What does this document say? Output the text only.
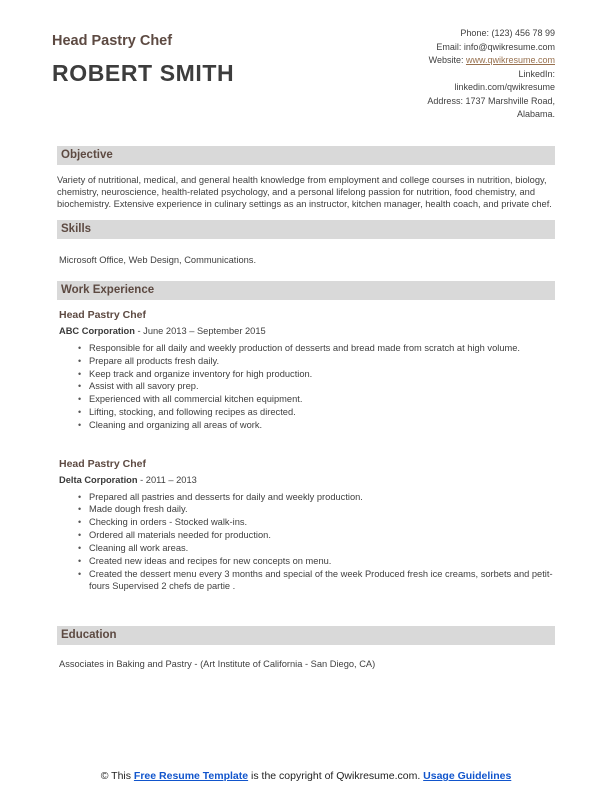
Head Pastry Chef
ROBERT SMITH
Phone: (123) 456 78 99
Email: info@qwikresume.com
Website: www.qwikresume.com
LinkedIn:
linkedin.com/qwikresume
Address: 1737 Marshville Road,
Alabama.
Objective

Variety of nutritional, medical, and general health knowledge from employment and college courses in nutrition, biology, chemistry, neuroscience, health-related psychology, and a personal lifelong passion for nutrition, food chemistry, and biochemistry. Extensive experience in culinary settings as an instructor, kitchen manager, health coach, and private chef.

Skills

Microsoft Office, Web Design, Communications.

Work Experience
Head Pastry Chef
ABC Corporation - June 2013 – September 2015
• Responsible for all daily and weekly production of desserts and bread made from scratch at high volume.
• Prepare all products fresh daily.
• Keep track and organize inventory for high production.
• Assist with all savory prep.
• Experienced with all commercial kitchen equipment.
• Lifting, stocking, and following recipes as directed.
• Cleaning and organizing all areas of work.
Head Pastry Chef
Delta Corporation - 2011 – 2013
• Prepared all pastries and desserts for daily and weekly production.
• Made dough fresh daily.
• Checking in orders - Stocked walk-ins.
• Ordered all materials needed for production.
• Cleaning all work areas.
• Created new ideas and recipes for new concepts on menu.
• Created the dessert menu every 3 months and special of the week Produced fresh ice creams, sorbets and petit-fours Supervised 2 chefs de partie .
Education

Associates in Baking and Pastry - (Art Institute of California - San Diego, CA)

© This Free Resume Template is the copyright of Qwikresume.com. Usage Guidelines
